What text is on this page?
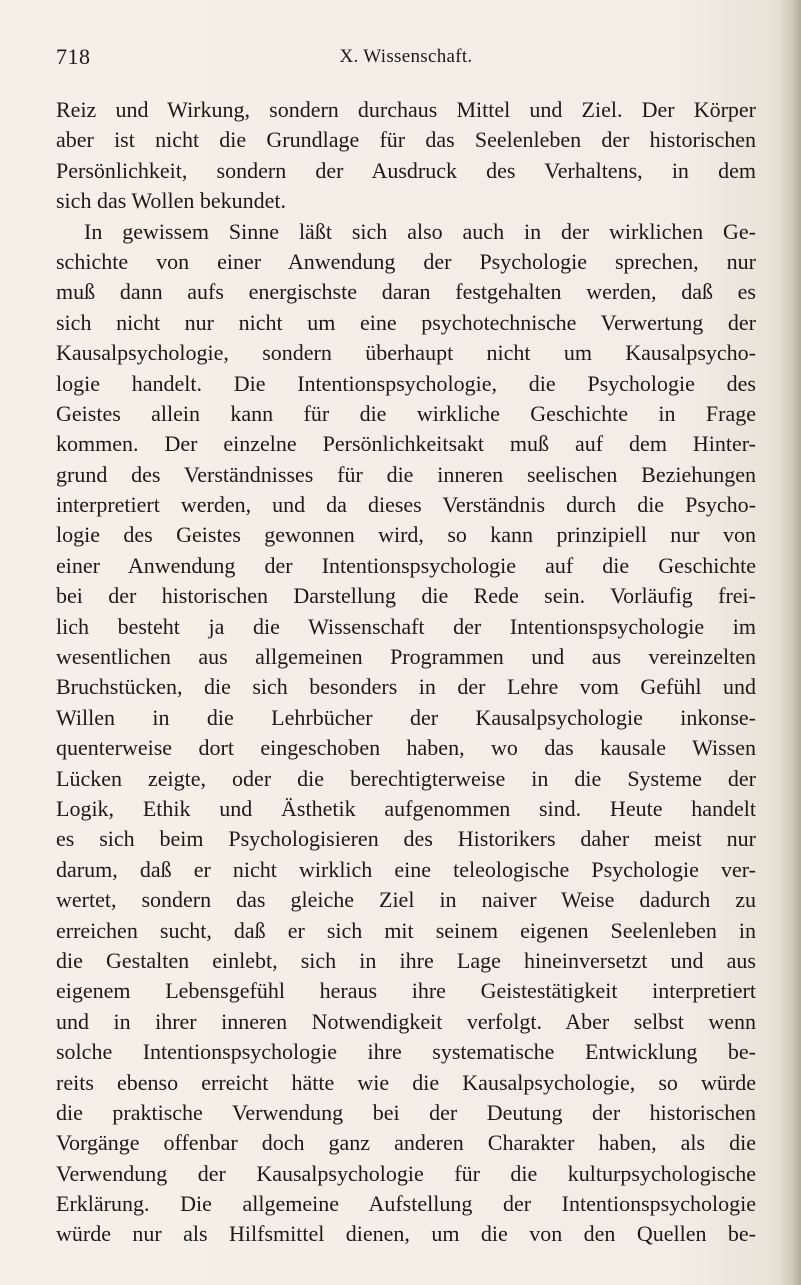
718	X. Wissenschaft.
Reiz und Wirkung, sondern durchaus Mittel und Ziel. Der Körper
aber ist nicht die Grundlage für das Seelenleben der historischen
Persönlichkeit, sondern der Ausdruck des Verhaltens, in dem
sich das Wollen bekundet.
In gewissem Sinne läßt sich also auch in der wirklichen Ge-
schichte von einer Anwendung der Psychologie sprechen, nur
muß dann aufs energischste daran festgehalten werden, daß es
sich nicht nur nicht um eine psychotechnische Verwertung der
Kausalpsychologie, sondern überhaupt nicht um Kausalpsycho-
logie handelt. Die Intentionspsychologie, die Psychologie des
Geistes allein kann für die wirkliche Geschichte in Frage
kommen. Der einzelne Persönlichkeitsakt muß auf dem Hinter-
grund des Verständnisses für die inneren seelischen Beziehungen
interpretiert werden, und da dieses Verständnis durch die Psycho-
logie des Geistes gewonnen wird, so kann prinzipiell nur von
einer Anwendung der Intentionspsychologie auf die Geschichte
bei der historischen Darstellung die Rede sein. Vorläufig frei-
lich besteht ja die Wissenschaft der Intentionspsychologie im
wesentlichen aus allgemeinen Programmen und aus vereinzelten
Bruchstücken, die sich besonders in der Lehre vom Gefühl und
Willen in die Lehrbücher der Kausalpsychologie inkonse-
quenterweise dort eingeschoben haben, wo das kausale Wissen
Lücken zeigte, oder die berechtigterweise in die Systeme der
Logik, Ethik und Ästhetik aufgenommen sind. Heute handelt
es sich beim Psychologisieren des Historikers daher meist nur
darum, daß er nicht wirklich eine teleologische Psychologie ver-
wertet, sondern das gleiche Ziel in naiver Weise dadurch zu
erreichen sucht, daß er sich mit seinem eigenen Seelenleben in
die Gestalten einlebt, sich in ihre Lage hineinversetzt und aus
eigenem Lebensgefühl heraus ihre Geistestätigkeit interpretiert
und in ihrer inneren Notwendigkeit verfolgt. Aber selbst wenn
solche Intentionspsychologie ihre systematische Entwicklung be-
reits ebenso erreicht hätte wie die Kausalpsychologie, so würde
die praktische Verwendung bei der Deutung der historischen
Vorgänge offenbar doch ganz anderen Charakter haben, als die
Verwendung der Kausalpsychologie für die kulturpsychologische
Erklärung. Die allgemeine Aufstellung der Intentionspsychologie
würde nur als Hilfsmittel dienen, um die von den Quellen be-
